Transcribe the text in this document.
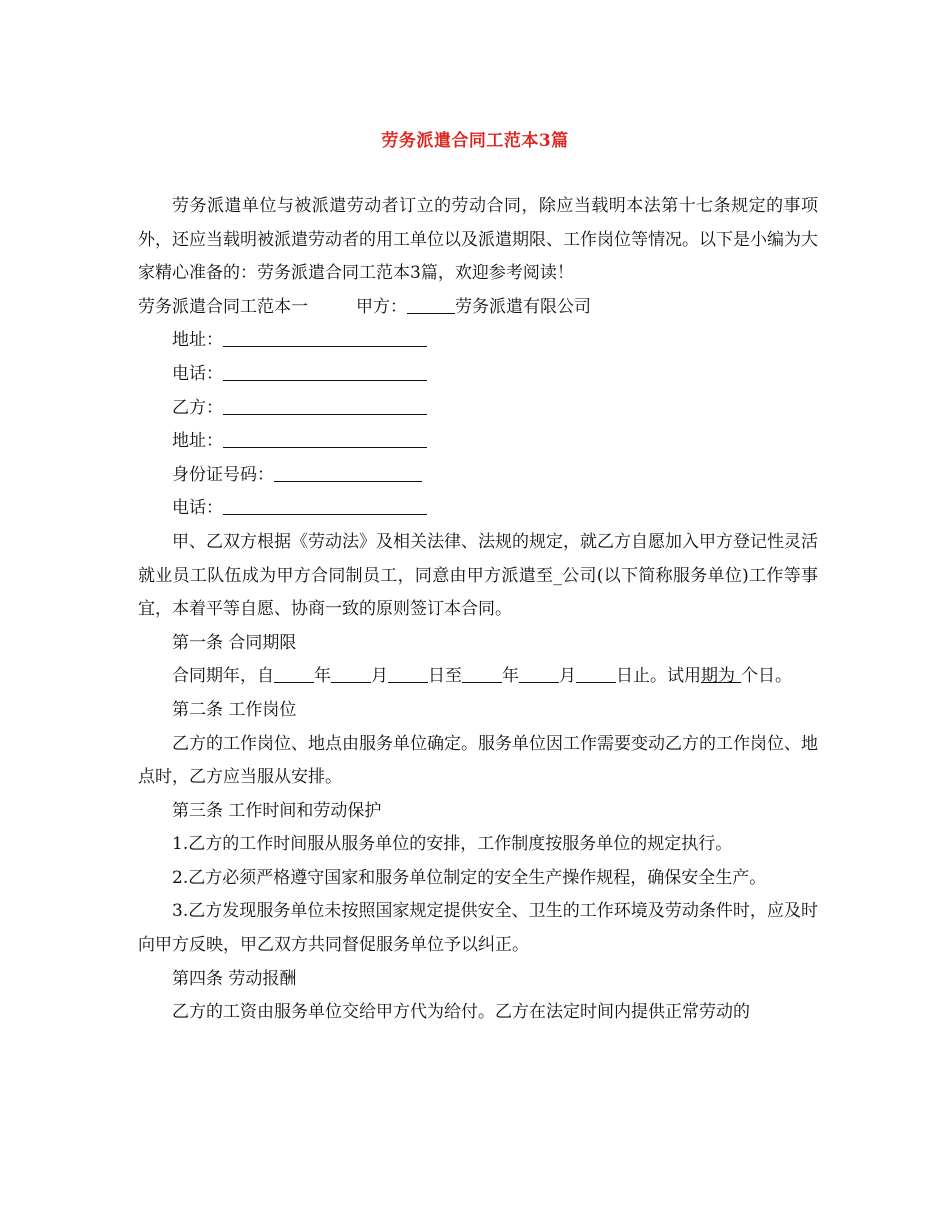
劳务派遣合同工范本3篇

劳务派遣单位与被派遣劳动者订立的劳动合同，除应当载明本法第十七条规定的事项外，还应当载明被派遣劳动者的用工单位以及派遣期限、工作岗位等情况。以下是小编为大家精心准备的：劳务派遣合同工范本3篇，欢迎参考阅读！

劳务派遣合同工范本一	甲方：	劳务派遣有限公司

地址：

电话：

乙方：

地址：

身份证号码：

电话：

甲、乙双方根据《劳动法》及相关法律、法规的规定，就乙方自愿加入甲方登记性灵活就业员工队伍成为甲方合同制员工，同意由甲方派遣至_公司(以下简称服务单位)工作等事宜，本着平等自愿、协商一致的原则签订本合同。

第一条 合同期限

合同期年，自 年 月 日至 年 月 日止。试用期为 个日。

第二条 工作岗位

乙方的工作岗位、地点由服务单位确定。服务单位因工作需要变动乙方的工作岗位、地点时，乙方应当服从安排。

第三条 工作时间和劳动保护

1.乙方的工作时间服从服务单位的安排，工作制度按服务单位的规定执行。

2.乙方必须严格遵守国家和服务单位制定的安全生产操作规程，确保安全生产。

3.乙方发现服务单位未按照国家规定提供安全、卫生的工作环境及劳动条件时，应及时向甲方反映，甲乙双方共同督促服务单位予以纠正。

第四条 劳动报酬

乙方的工资由服务单位交给甲方代为给付。乙方在法定时间内提供正常劳动的
